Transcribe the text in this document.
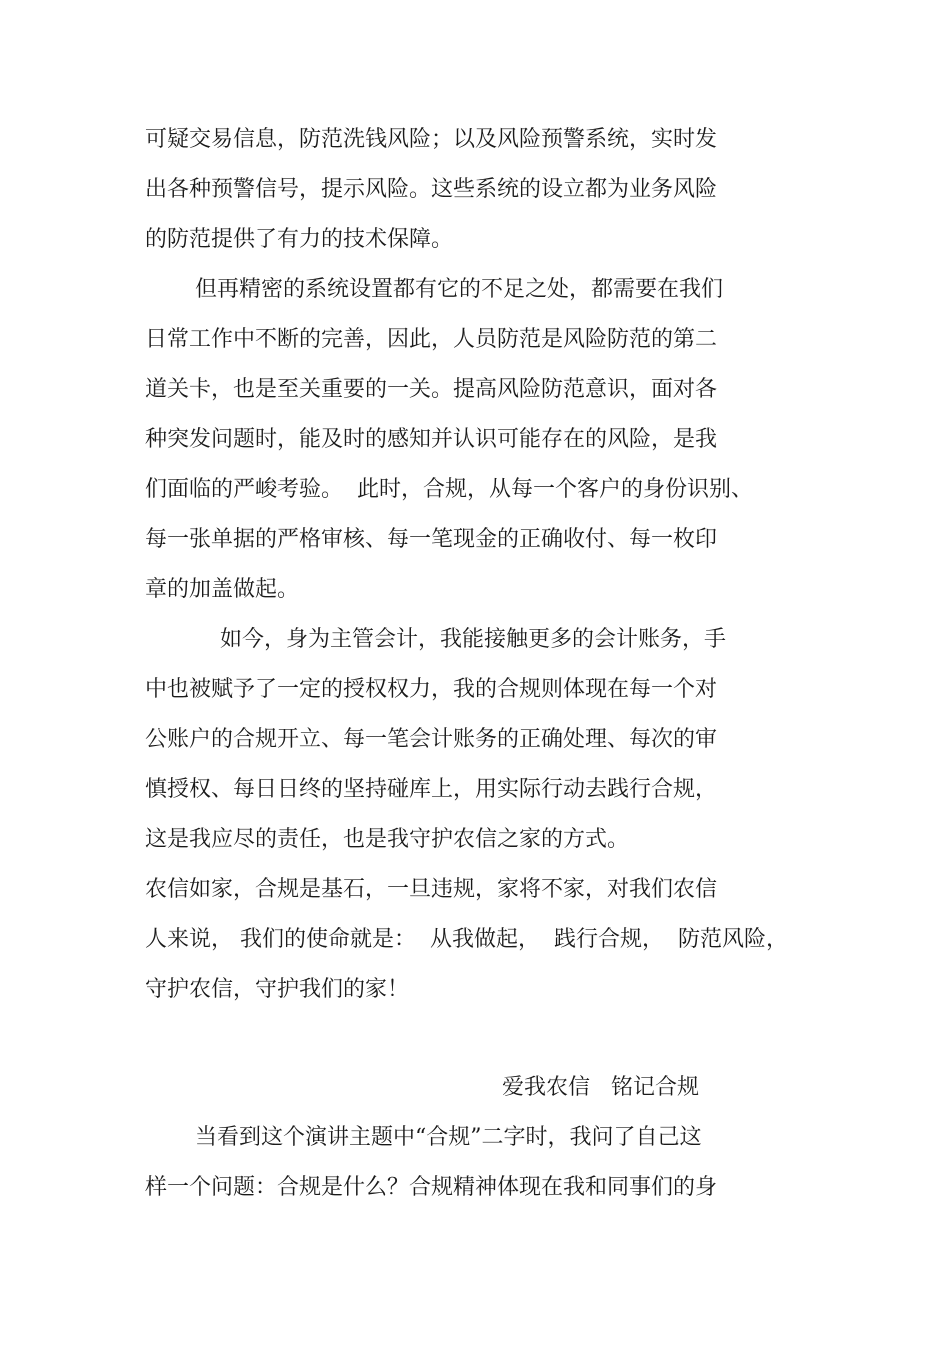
可疑交易信息，防范洗钱风险；以及风险预警系统，实时发

出各种预警信号，提示风险。这些系统的设立都为业务风险

的防范提供了有力的技术保障。

但再精密的系统设置都有它的不足之处，都需要在我们

日常工作中不断的完善，因此，人员防范是风险防范的第二

道关卡，也是至关重要的一关。提高风险防范意识，面对各

种突发问题时，能及时的感知并认识可能存在的风险，是我

们面临的严峻考验。  此时，合规，从每一个客户的身份识别、

每一张单据的严格审核、每一笔现金的正确收付、每一枚印

章的加盖做起。

如今，身为主管会计，我能接触更多的会计账务，手

中也被赋予了一定的授权权力，我的合规则体现在每一个对

公账户的合规开立、每一笔会计账务的正确处理、每次的审

慎授权、每日日终的坚持碰库上，用实际行动去践行合规，

这是我应尽的责任，也是我守护农信之家的方式。

农信如家，合规是基石，一旦违规，家将不家，对我们农信

人来说， 我们的使命就是：  从我做起，  践行合规，  防范风险，

守护农信，守护我们的家！

爱我农信   铭记合规

当看到这个演讲主题中“合规”二字时，我问了自己这

样一个问题：合规是什么？合规精神体现在我和同事们的身
